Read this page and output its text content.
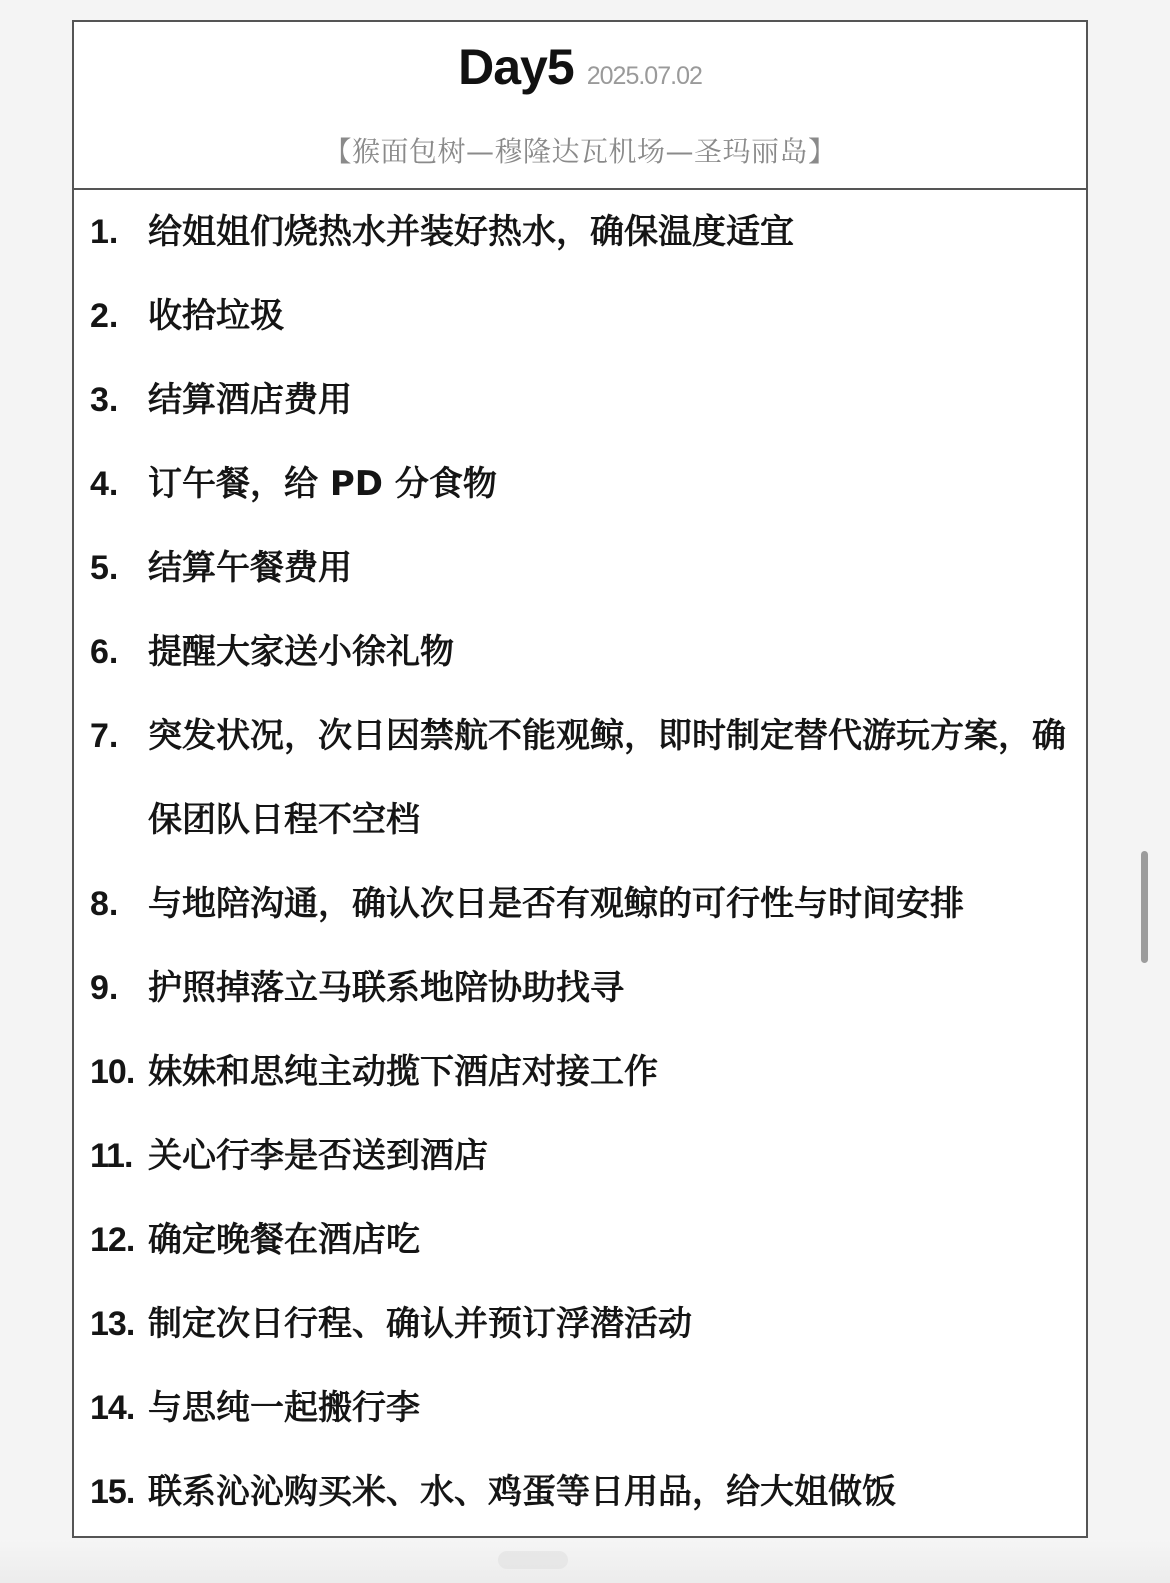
Day5 2025.07.02
【猴面包树—穆隆达瓦机场—圣玛丽岛】
1. 给姐姐们烧热水并装好热水，确保温度适宜
2. 收拾垃圾
3. 结算酒店费用
4. 订午餐，给 PD 分食物
5. 结算午餐费用
6. 提醒大家送小徐礼物
7. 突发状况，次日因禁航不能观鲸，即时制定替代游玩方案，确保团队日程不空档
8. 与地陪沟通，确认次日是否有观鲸的可行性与时间安排
9. 护照掉落立马联系地陪协助找寻
10. 妹妹和思纯主动揽下酒店对接工作
11. 关心行李是否送到酒店
12. 确定晚餐在酒店吃
13. 制定次日行程、确认并预订浮潜活动
14. 与思纯一起搬行李
15. 联系沁沁购买米、水、鸡蛋等日用品，给大姐做饭
